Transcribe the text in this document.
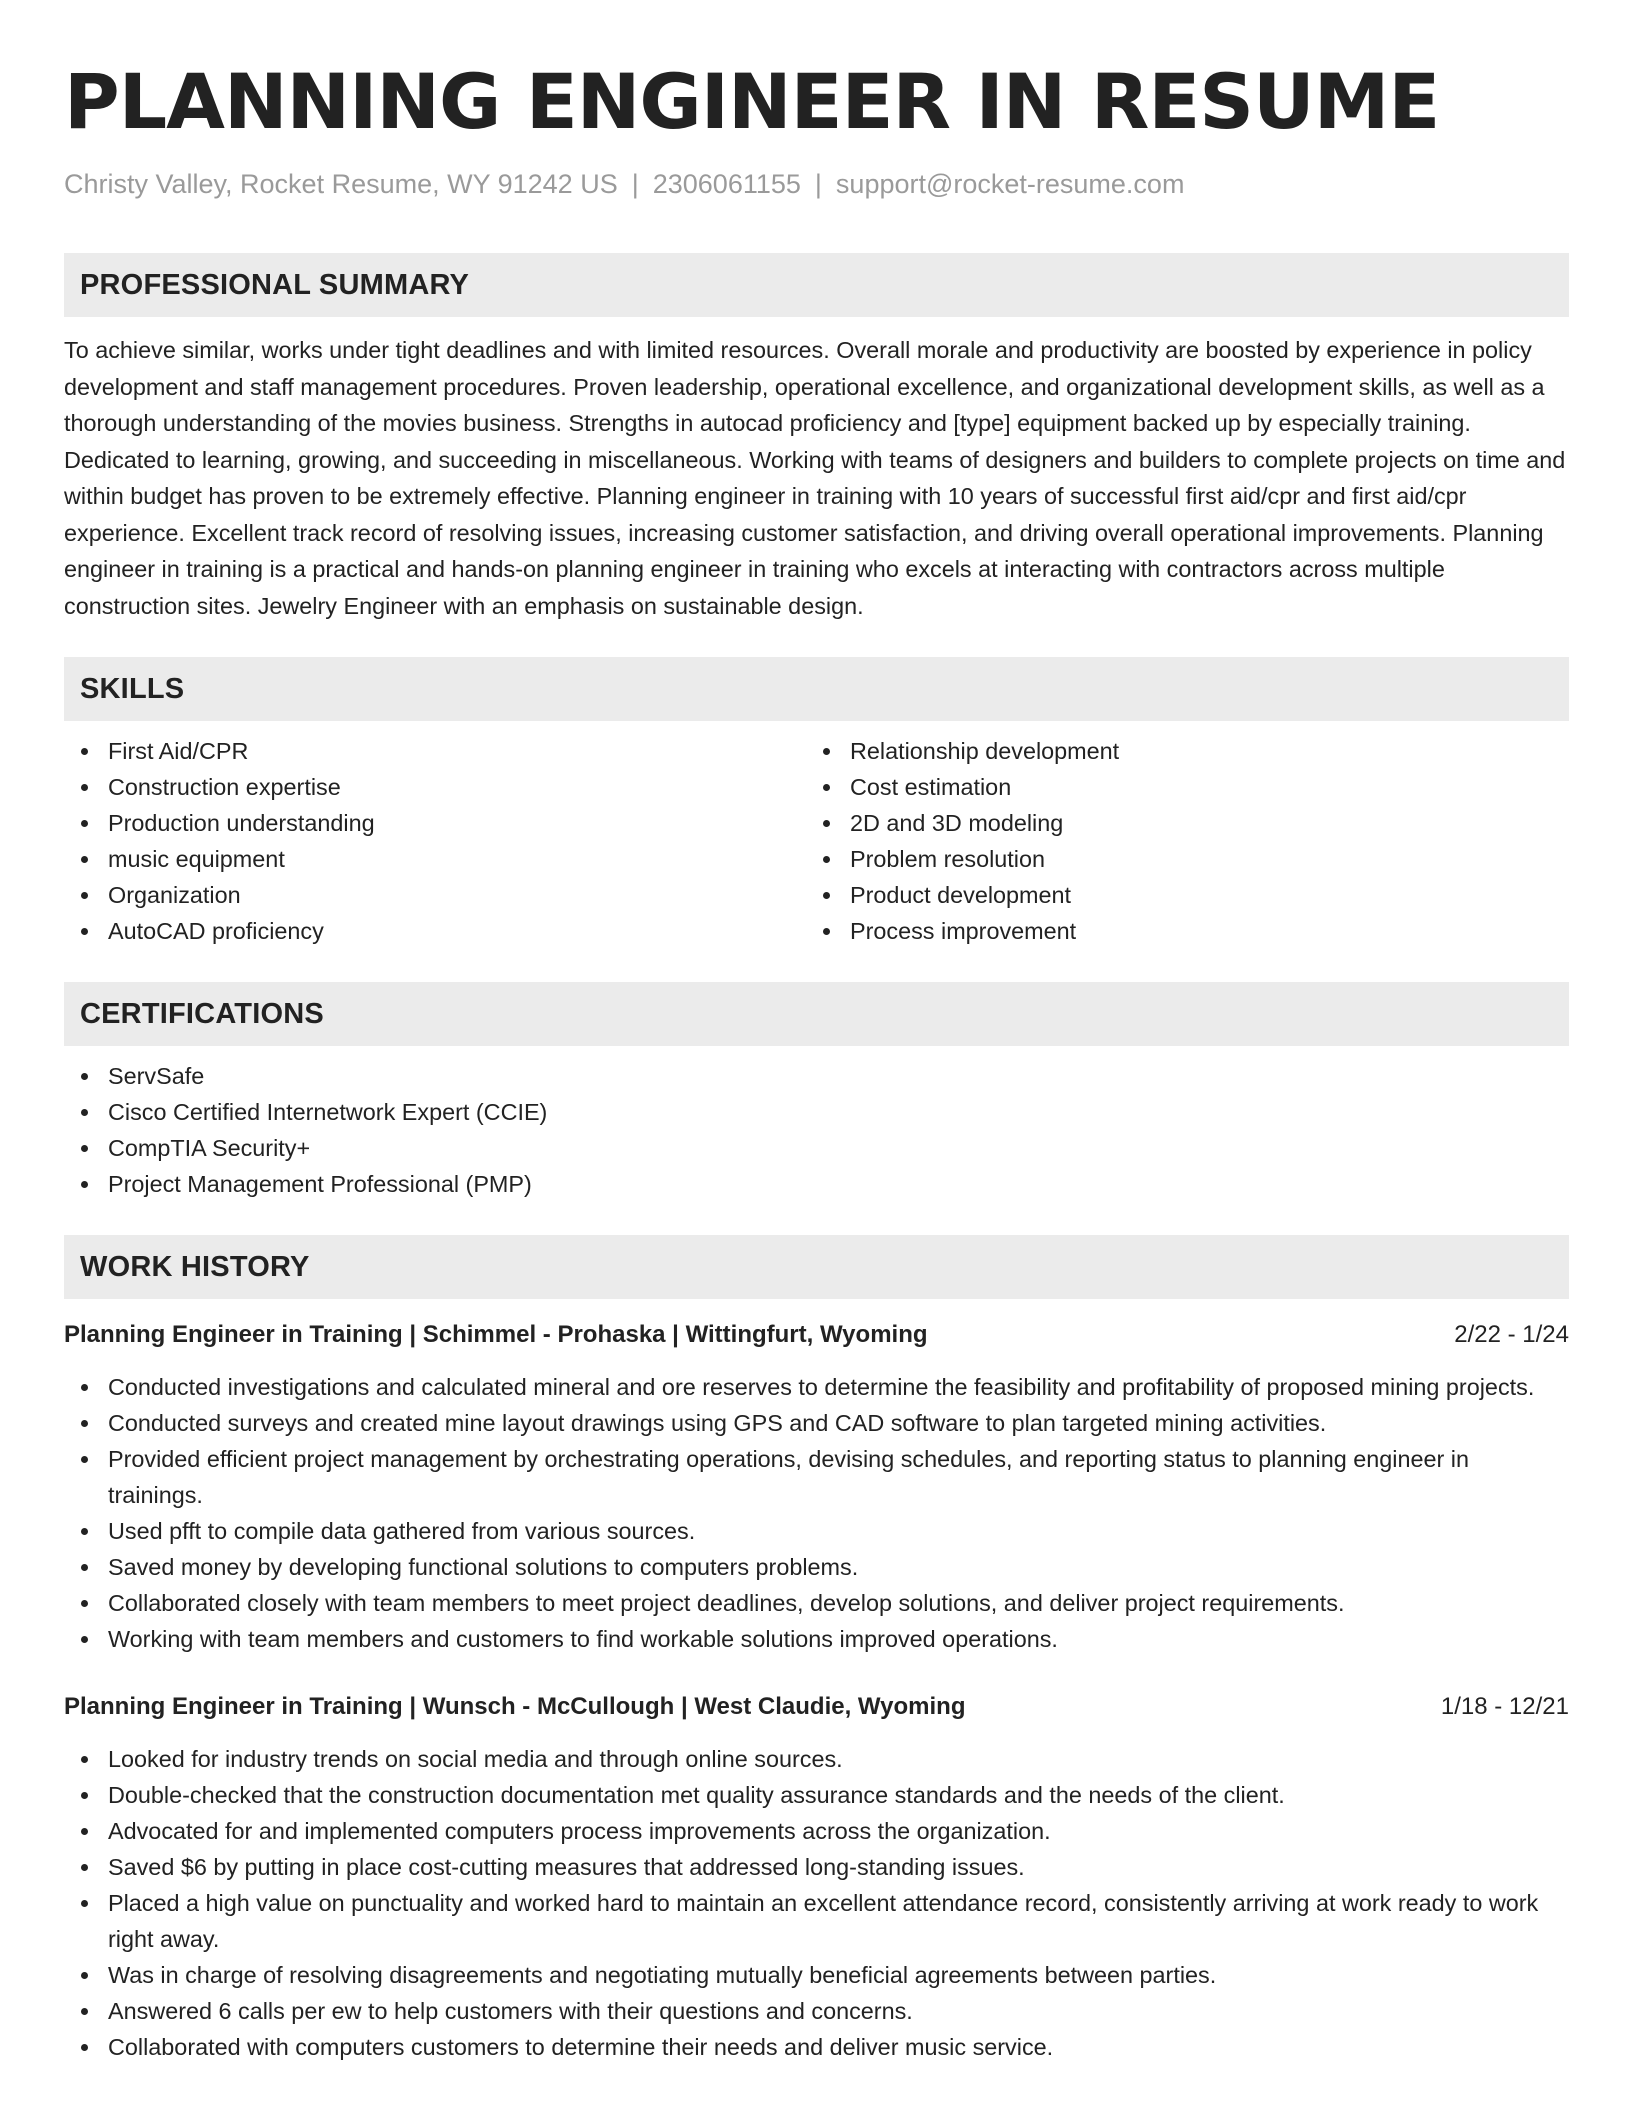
PLANNING ENGINEER IN RESUME
Christy Valley, Rocket Resume, WY 91242 US | 2306061155 | support@rocket-resume.com
PROFESSIONAL SUMMARY

To achieve similar, works under tight deadlines and with limited resources. Overall morale and productivity are boosted by experience in policy development and staff management procedures. Proven leadership, operational excellence, and organizational development skills, as well as a thorough understanding of the movies business. Strengths in autocad proficiency and [type] equipment backed up by especially training. Dedicated to learning, growing, and succeeding in miscellaneous. Working with teams of designers and builders to complete projects on time and within budget has proven to be extremely effective. Planning engineer in training with 10 years of successful first aid/cpr and first aid/cpr experience. Excellent track record of resolving issues, increasing customer satisfaction, and driving overall operational improvements. Planning engineer in training is a practical and hands-on planning engineer in training who excels at interacting with contractors across multiple construction sites. Jewelry Engineer with an emphasis on sustainable design.

SKILLS
First Aid/CPR
Construction expertise
Production understanding
music equipment
Organization
AutoCAD proficiency
Relationship development
Cost estimation
2D and 3D modeling
Problem resolution
Product development
Process improvement
CERTIFICATIONS
ServSafe
Cisco Certified Internetwork Expert (CCIE)
CompTIA Security+
Project Management Professional (PMP)
WORK HISTORY
Planning Engineer in Training | Schimmel - Prohaska | Wittingfurt, Wyoming	2/22 - 1/24
Conducted investigations and calculated mineral and ore reserves to determine the feasibility and profitability of proposed mining projects.
Conducted surveys and created mine layout drawings using GPS and CAD software to plan targeted mining activities.
Provided efficient project management by orchestrating operations, devising schedules, and reporting status to planning engineer in trainings.
Used pfft to compile data gathered from various sources.
Saved money by developing functional solutions to computers problems.
Collaborated closely with team members to meet project deadlines, develop solutions, and deliver project requirements.
Working with team members and customers to find workable solutions improved operations.
Planning Engineer in Training | Wunsch - McCullough | West Claudie, Wyoming	1/18 - 12/21
Looked for industry trends on social media and through online sources.
Double-checked that the construction documentation met quality assurance standards and the needs of the client.
Advocated for and implemented computers process improvements across the organization.
Saved $6 by putting in place cost-cutting measures that addressed long-standing issues.
Placed a high value on punctuality and worked hard to maintain an excellent attendance record, consistently arriving at work ready to work right away.
Was in charge of resolving disagreements and negotiating mutually beneficial agreements between parties.
Answered 6 calls per ew to help customers with their questions and concerns.
Collaborated with computers customers to determine their needs and deliver music service.
